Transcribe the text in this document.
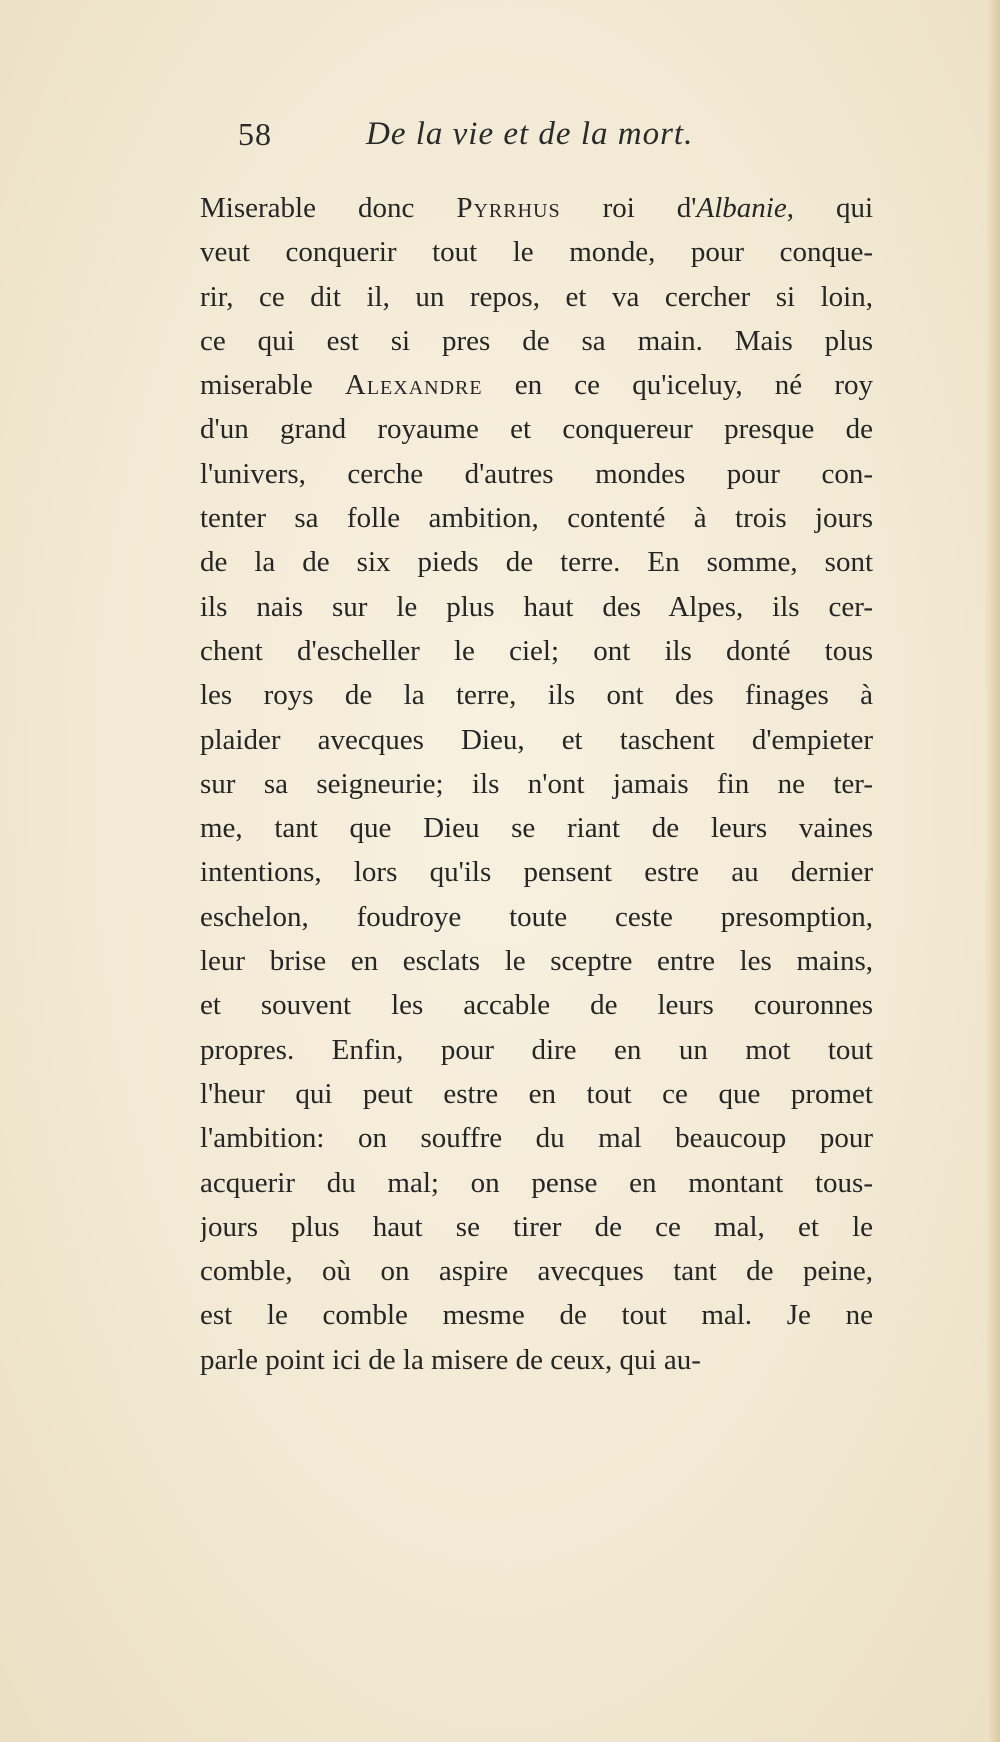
58	De la vie et de la mort.
Miserable donc Pyrrhus roi d'Albanie, qui
veut conquerir tout le monde, pour conque-
rir, ce dit il, un repos, et va cercher si loin,
ce qui est si pres de sa main. Mais plus
miserable Alexandre en ce qu'iceluy, né roy
d'un grand royaume et conquereur presque de
l'univers, cerche d'autres mondes pour con-
tenter sa folle ambition, contenté à trois jours
de la de six pieds de terre. En somme, sont
ils nais sur le plus haut des Alpes, ils cer-
chent d'escheller le ciel; ont ils donté tous
les roys de la terre, ils ont des finages à
plaider avecques Dieu, et taschent d'empieter
sur sa seigneurie; ils n'ont jamais fin ne ter-
me, tant que Dieu se riant de leurs vaines
intentions, lors qu'ils pensent estre au dernier
eschelon, foudroye toute ceste presomption,
leur brise en esclats le sceptre entre les mains,
et souvent les accable de leurs couronnes
propres. Enfin, pour dire en un mot tout
l'heur qui peut estre en tout ce que promet
l'ambition: on souffre du mal beaucoup pour
acquerir du mal; on pense en montant tous-
jours plus haut se tirer de ce mal, et le
comble, où on aspire avecques tant de peine,
est le comble mesme de tout mal. Je ne
parle point ici de la misere de ceux, qui au-
